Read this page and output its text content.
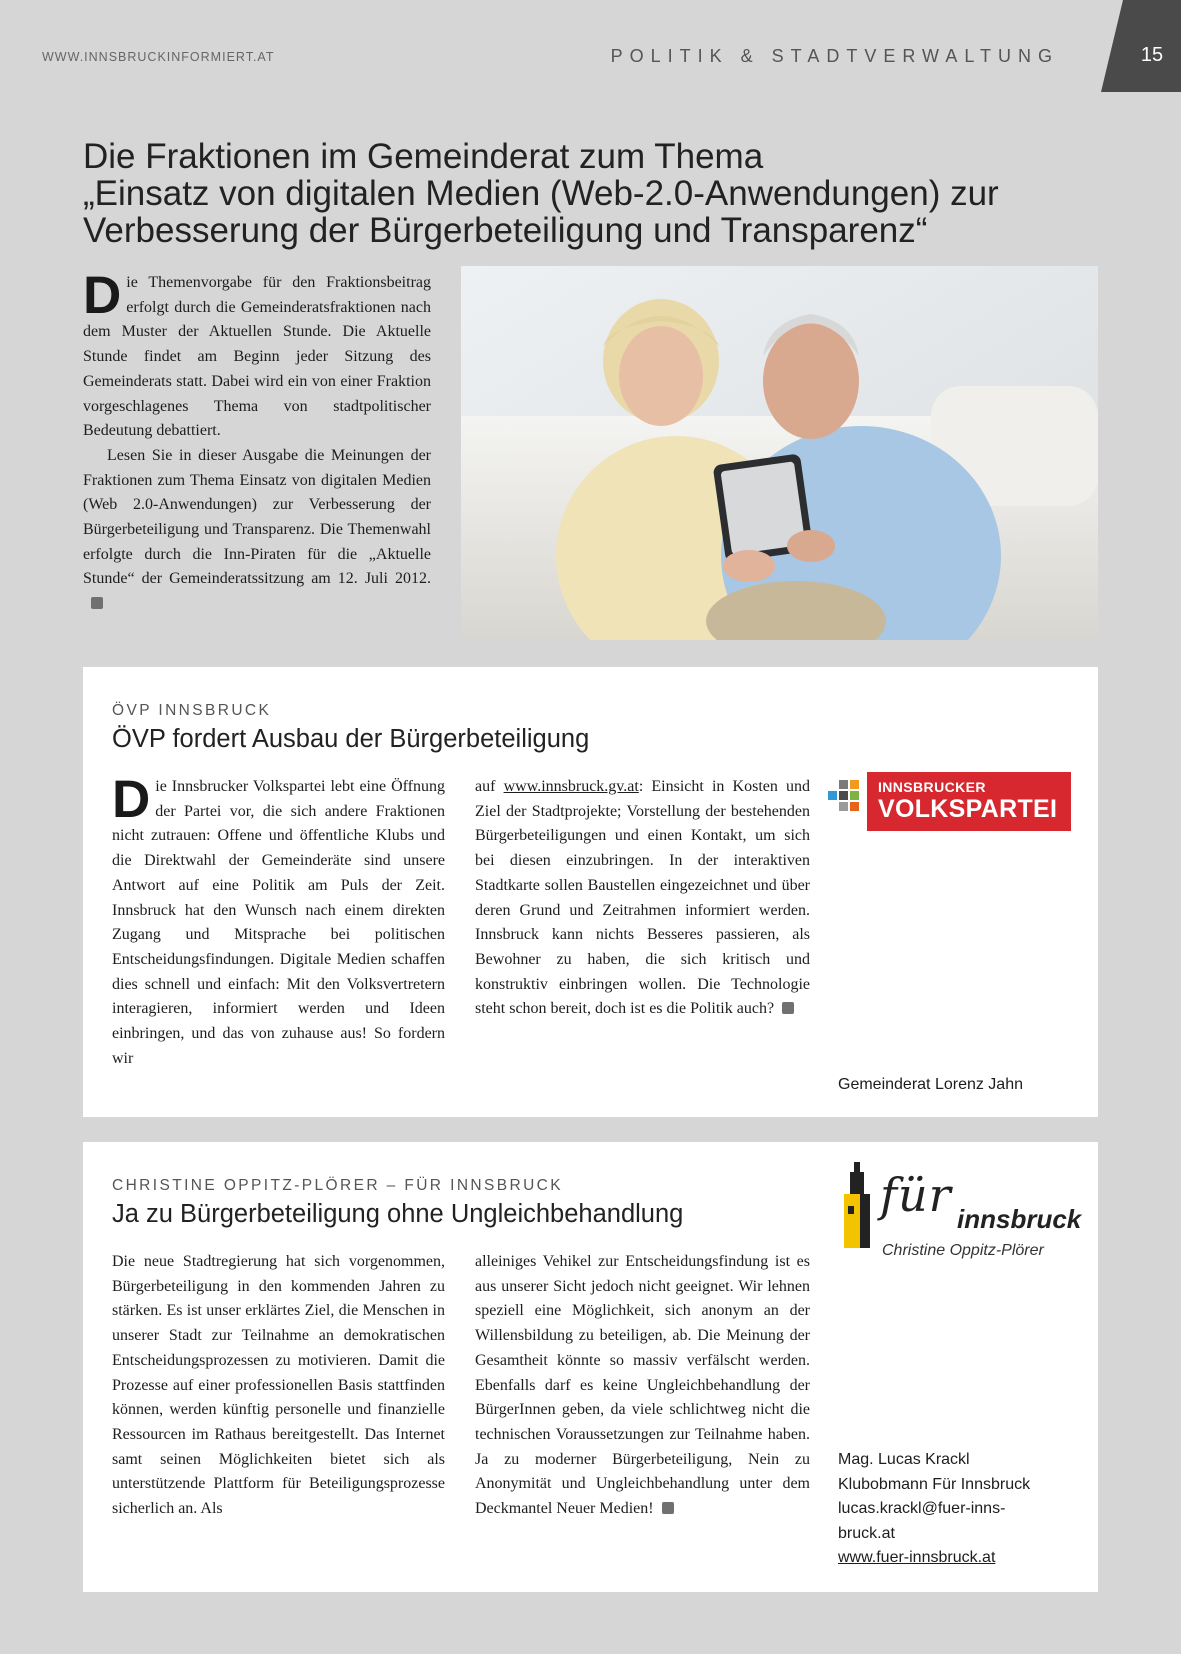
WWW.INNSBRUCKINFORMIERT.AT	POLITIK & STADTVERWALTUNG	15
Die Fraktionen im Gemeinderat zum Thema
„Einsatz von digitalen Medien (Web-2.0-Anwendungen) zur
Verbesserung der Bürgerbeteiligung und Transparenz“

Die Themenvorgabe für den Fraktionsbeitrag erfolgt durch die Gemeinderatsfraktionen nach dem Muster der Aktuellen Stunde. Die Aktuelle Stunde findet am Beginn jeder Sitzung des Gemeinderats statt. Dabei wird ein von einer Fraktion vorgeschlagenes Thema von stadtpolitischer Bedeutung debattiert.

Lesen Sie in dieser Ausgabe die Meinungen der Fraktionen zum Thema Einsatz von digitalen Medien (Web 2.0-Anwendungen) zur Verbesserung der Bürgerbeteiligung und Transparenz. Die Themenwahl erfolgte durch die Inn-Piraten für die „Aktuelle Stunde“ der Gemeinderatssitzung am 12. Juli 2012.

ÖVP INNSBRUCK
ÖVP fordert Ausbau der Bürgerbeteiligung

Die Innsbrucker Volkspartei lebt eine Öffnung der Partei vor, die sich andere Fraktionen nicht zutrauen: Offene und öffentliche Klubs und die Direktwahl der Gemeinderäte sind unsere Antwort auf eine Politik am Puls der Zeit. Innsbruck hat den Wunsch nach einem direkten Zugang und Mitsprache bei politischen Entscheidungsfindungen. Digitale Medien schaffen dies schnell und einfach: Mit den Volksvertretern interagieren, informiert werden und Ideen einbringen, und das von zuhause aus! So fordern wir

auf www.innsbruck.gv.at: Einsicht in Kosten und Ziel der Stadtprojekte; Vorstellung der bestehenden Bürgerbeteiligungen und einen Kontakt, um sich bei diesen einzubringen. In der interaktiven Stadtkarte sollen Baustellen eingezeichnet und über deren Grund und Zeitrahmen informiert werden. Innsbruck kann nichts Besseres passieren, als Bewohner zu haben, die sich kritisch und konstruktiv einbringen wollen. Die Technologie steht schon bereit, doch ist es die Politik auch?

INNSBRUCKER
VOLKSPARTEI
Gemeinderat Lorenz Jahn
CHRISTINE OPPITZ-PLÖRER – FÜR INNSBRUCK
Ja zu Bürgerbeteiligung ohne Ungleichbehandlung

Die neue Stadtregierung hat sich vorgenommen, Bürgerbeteiligung in den kommenden Jahren zu stärken. Es ist unser erklärtes Ziel, die Menschen in unserer Stadt zur Teilnahme an demokratischen Entscheidungsprozessen zu motivieren. Damit die Prozesse auf einer professionellen Basis stattfinden können, werden künftig personelle und finanzielle Ressourcen im Rathaus bereitgestellt. Das Internet samt seinen Möglichkeiten bietet sich als unterstützende Plattform für Beteiligungsprozesse sicherlich an. Als

alleiniges Vehikel zur Entscheidungsfindung ist es aus unserer Sicht jedoch nicht geeignet. Wir lehnen speziell eine Möglichkeit, sich anonym an der Willensbildung zu beteiligen, ab. Die Meinung der Gesamtheit könnte so massiv verfälscht werden. Ebenfalls darf es keine Ungleichbehandlung der BürgerInnen geben, da viele schlichtweg nicht die technischen Voraussetzungen zur Teilnahme haben. Ja zu moderner Bürgerbeteiligung, Nein zu Anonymität und Ungleichbehandlung unter dem Deckmantel Neuer Medien!

für innsbruck
Christine Oppitz-Plörer
Mag. Lucas Krackl
Klubobmann Für Innsbruck
lucas.krackl@fuer-inns-
bruck.at
www.fuer-innsbruck.at
